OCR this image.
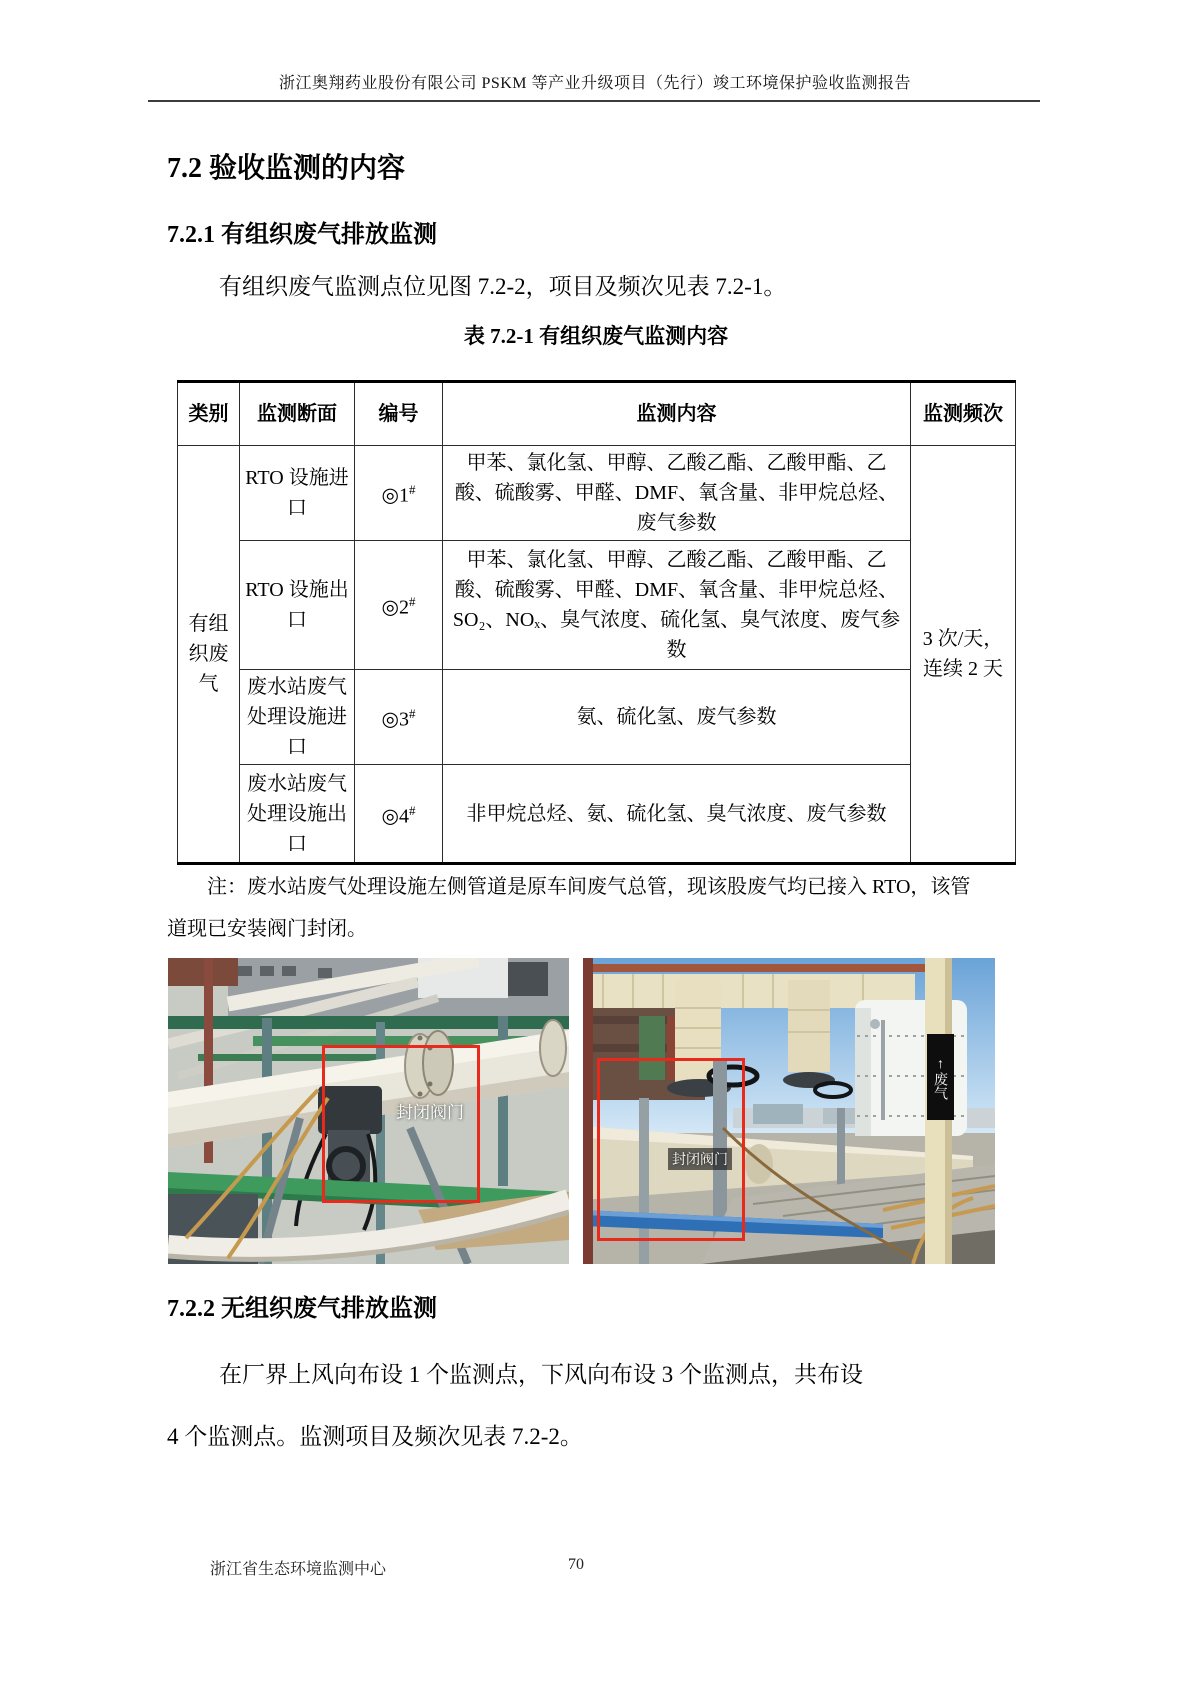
浙江奥翔药业股份有限公司 PSKM 等产业升级项目（先行）竣工环境保护验收监测报告
7.2 验收监测的内容
7.2.1 有组织废气排放监测
有组织废气监测点位见图 7.2-2，项目及频次见表 7.2-1。
表 7.2-1 有组织废气监测内容
类别	监测断面	编号	监测内容	监测频次
有组织废气	RTO 设施进口	◎1#	甲苯、氯化氢、甲醇、乙酸乙酯、乙酸甲酯、乙酸、硫酸雾、甲醛、DMF、氧含量、非甲烷总烃、废气参数	3 次/天，连续 2 天
	RTO 设施出口	◎2#	甲苯、氯化氢、甲醇、乙酸乙酯、乙酸甲酯、乙酸、硫酸雾、甲醛、DMF、氧含量、非甲烷总烃、SO₂、NOₓ、臭气浓度、硫化氢、臭气浓度、废气参数	
	废水站废气处理设施进口	◎3#	氨、硫化氢、废气参数	
	废水站废气处理设施出口	◎4#	非甲烷总烃、氨、硫化氢、臭气浓度、废气参数	
注：废水站废气处理设施左侧管道是原车间废气总管，现该股废气均已接入 RTO，该管
道现已安装阀门封闭。
封闭阀门
↑
废气
封闭阀门
7.2.2 无组织废气排放监测
在厂界上风向布设 1 个监测点，下风向布设 3 个监测点，共布设
4 个监测点。监测项目及频次见表 7.2-2。
浙江省生态环境监测中心	70
